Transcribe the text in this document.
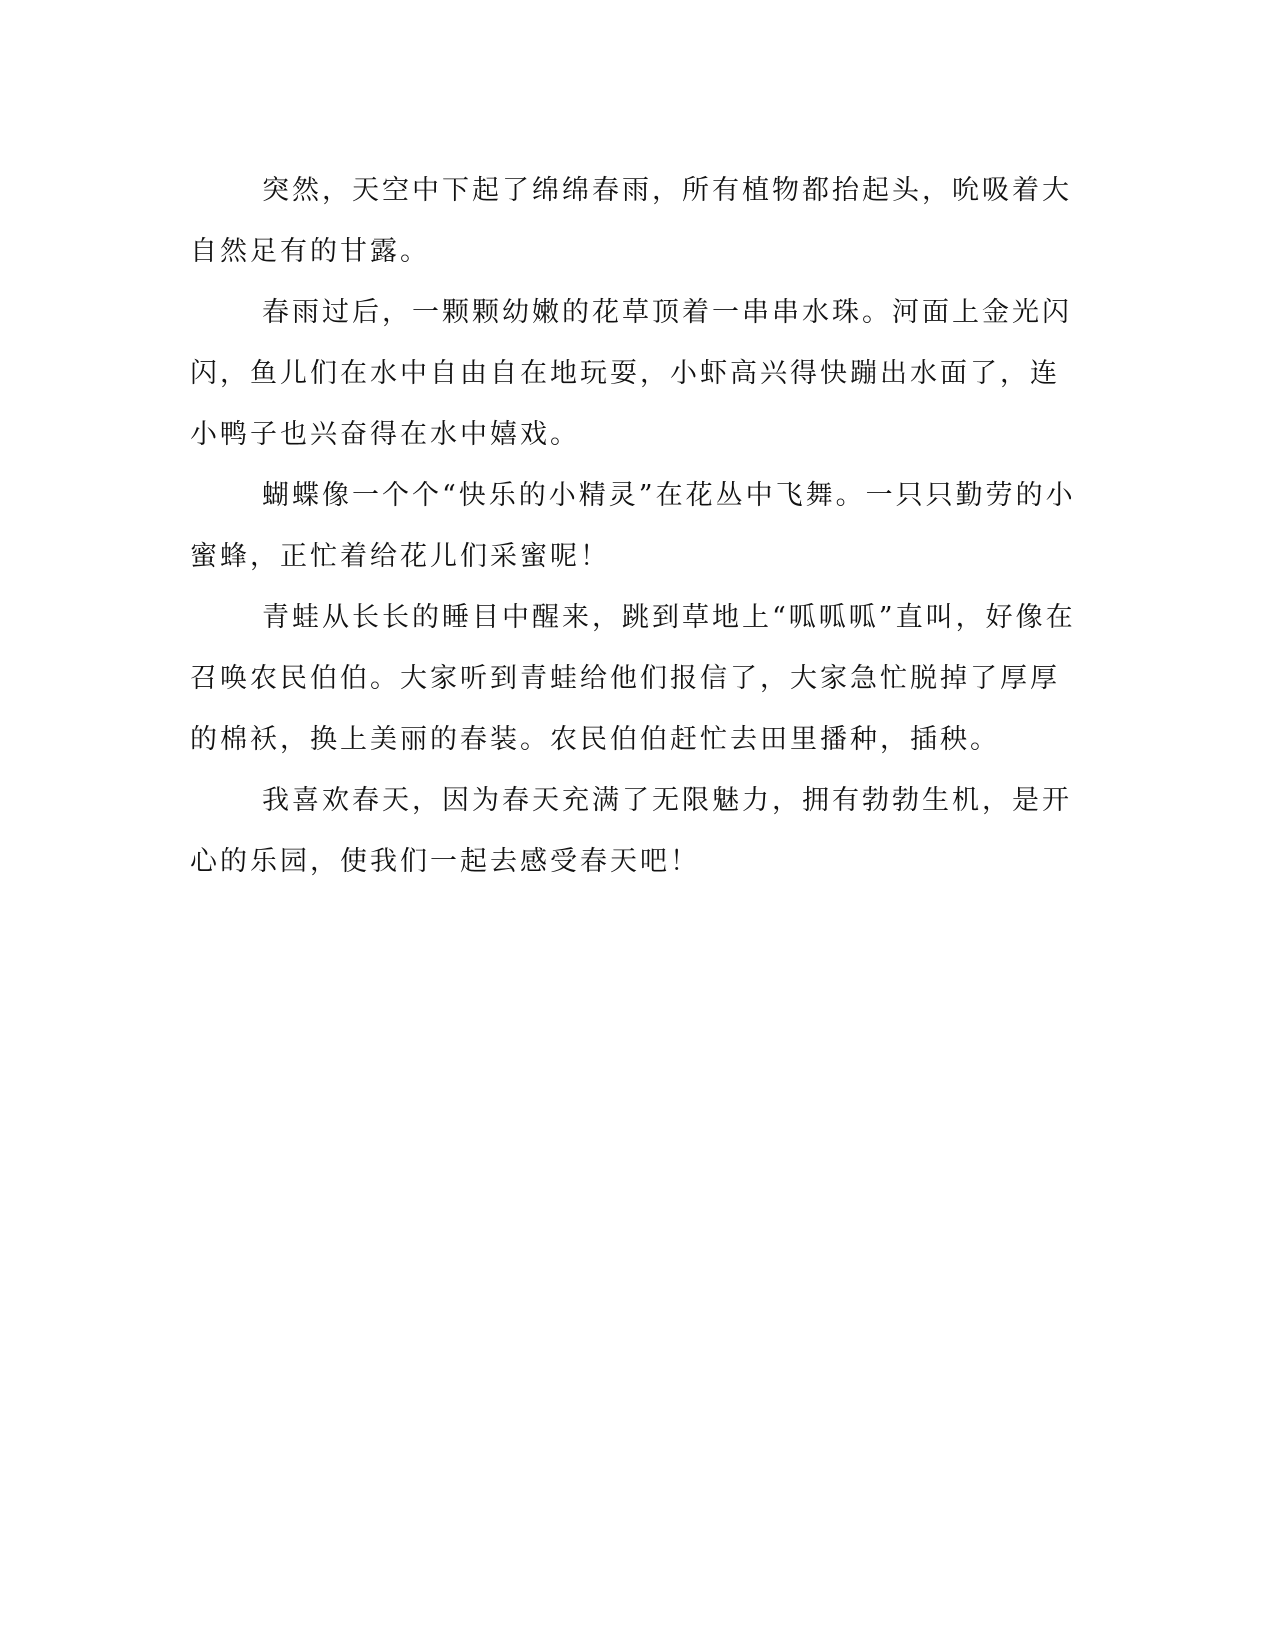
突然，天空中下起了绵绵春雨，所有植物都抬起头，吮吸着大自然足有的甘露。

春雨过后，一颗颗幼嫩的花草顶着一串串水珠。河面上金光闪闪，鱼儿们在水中自由自在地玩耍，小虾高兴得快蹦出水面了，连小鸭子也兴奋得在水中嬉戏。

蝴蝶像一个个“快乐的小精灵”在花丛中飞舞。一只只勤劳的小蜜蜂，正忙着给花儿们采蜜呢！

青蛙从长长的睡目中醒来，跳到草地上“呱呱呱”直叫，好像在召唤农民伯伯。大家听到青蛙给他们报信了，大家急忙脱掉了厚厚的棉袄，换上美丽的春装。农民伯伯赶忙去田里播种，插秧。

我喜欢春天，因为春天充满了无限魅力，拥有勃勃生机，是开心的乐园，使我们一起去感受春天吧！
